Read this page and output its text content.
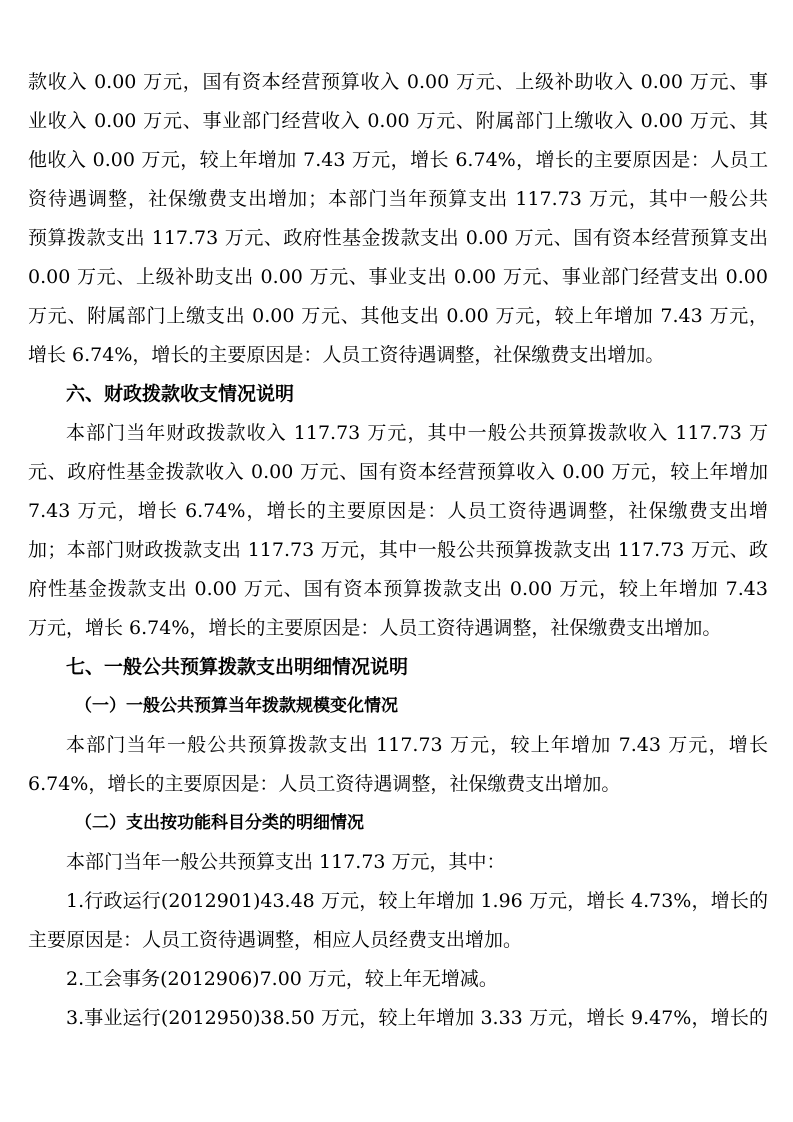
款收入 0.00 万元，国有资本经营预算收入 0.00 万元、上级补助收入 0.00 万元、事
业收入 0.00 万元、事业部门经营收入 0.00 万元、附属部门上缴收入 0.00 万元、其
他收入 0.00 万元，较上年增加 7.43 万元，增长 6.74%，增长的主要原因是：人员工
资待遇调整，社保缴费支出增加；本部门当年预算支出 117.73 万元，其中一般公共
预算拨款支出 117.73 万元、政府性基金拨款支出 0.00 万元、国有资本经营预算支出
0.00 万元、上级补助支出 0.00 万元、事业支出 0.00 万元、事业部门经营支出 0.00
万元、附属部门上缴支出 0.00 万元、其他支出 0.00 万元，较上年增加 7.43 万元，
增长 6.74%，增长的主要原因是：人员工资待遇调整，社保缴费支出增加。
六、财政拨款收支情况说明
本部门当年财政拨款收入 117.73 万元，其中一般公共预算拨款收入 117.73 万
元、政府性基金拨款收入 0.00 万元、国有资本经营预算收入 0.00 万元，较上年增加
7.43 万元，增长 6.74%，增长的主要原因是：人员工资待遇调整，社保缴费支出增
加；本部门财政拨款支出 117.73 万元，其中一般公共预算拨款支出 117.73 万元、政
府性基金拨款支出 0.00 万元、国有资本预算拨款支出 0.00 万元，较上年增加 7.43
万元，增长 6.74%，增长的主要原因是：人员工资待遇调整，社保缴费支出增加。
七、一般公共预算拨款支出明细情况说明
（一）一般公共预算当年拨款规模变化情况
本部门当年一般公共预算拨款支出 117.73 万元，较上年增加 7.43 万元，增长
6.74%，增长的主要原因是：人员工资待遇调整，社保缴费支出增加。
（二）支出按功能科目分类的明细情况
本部门当年一般公共预算支出 117.73 万元，其中：
1.行政运行(2012901)43.48 万元，较上年增加 1.96 万元，增长 4.73%，增长的
主要原因是：人员工资待遇调整，相应人员经费支出增加。
2.工会事务(2012906)7.00 万元，较上年无增减。
3.事业运行(2012950)38.50 万元，较上年增加 3.33 万元，增长 9.47%，增长的
